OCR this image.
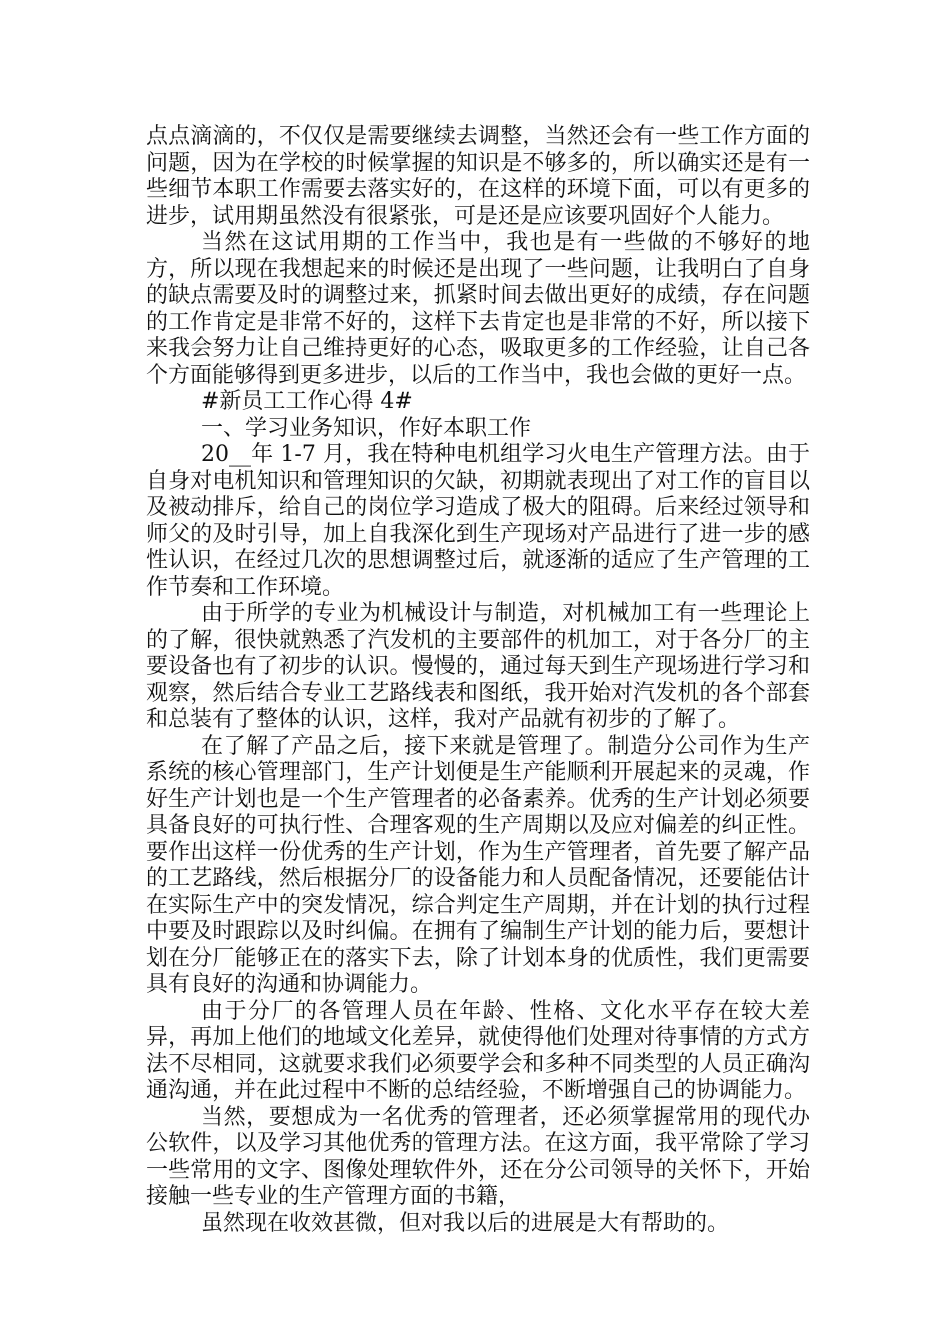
点点滴滴的，不仅仅是需要继续去调整，当然还会有一些工作方面的问题，因为在学校的时候掌握的知识是不够多的，所以确实还是有一些细节本职工作需要去落实好的，在这样的环境下面，可以有更多的进步，试用期虽然没有很紧张，可是还是应该要巩固好个人能力。

当然在这试用期的工作当中，我也是有一些做的不够好的地方，所以现在我想起来的时候还是出现了一些问题，让我明白了自身的缺点需要及时的调整过来，抓紧时间去做出更好的成绩，存在问题的工作肯定是非常不好的，这样下去肯定也是非常的不好，所以接下来我会努力让自己维持更好的心态，吸取更多的工作经验，让自己各个方面能够得到更多进步，以后的工作当中，我也会做的更好一点。

#新员工工作心得 4#

一、学习业务知识，作好本职工作

20__年 1-7 月，我在特种电机组学习火电生产管理方法。由于自身对电机知识和管理知识的欠缺，初期就表现出了对工作的盲目以及被动排斥，给自己的岗位学习造成了极大的阻碍。后来经过领导和师父的及时引导，加上自我深化到生产现场对产品进行了进一步的感性认识，在经过几次的思想调整过后，就逐渐的适应了生产管理的工作节奏和工作环境。

由于所学的专业为机械设计与制造，对机械加工有一些理论上的了解，很快就熟悉了汽发机的主要部件的机加工，对于各分厂的主要设备也有了初步的认识。慢慢的，通过每天到生产现场进行学习和观察，然后结合专业工艺路线表和图纸，我开始对汽发机的各个部套和总装有了整体的认识，这样，我对产品就有初步的了解了。

在了解了产品之后，接下来就是管理了。制造分公司作为生产系统的核心管理部门，生产计划便是生产能顺利开展起来的灵魂，作好生产计划也是一个生产管理者的必备素养。优秀的生产计划必须要具备良好的可执行性、合理客观的生产周期以及应对偏差的纠正性。要作出这样一份优秀的生产计划，作为生产管理者，首先要了解产品的工艺路线，然后根据分厂的设备能力和人员配备情况，还要能估计在实际生产中的突发情况，综合判定生产周期，并在计划的执行过程中要及时跟踪以及时纠偏。在拥有了编制生产计划的能力后，要想计划在分厂能够正在的落实下去，除了计划本身的优质性，我们更需要具有良好的沟通和协调能力。

由于分厂的各管理人员在年龄、性格、文化水平存在较大差异，再加上他们的地域文化差异，就使得他们处理对待事情的方式方法不尽相同，这就要求我们必须要学会和多种不同类型的人员正确沟通沟通，并在此过程中不断的总结经验，不断增强自己的协调能力。

当然，要想成为一名优秀的管理者，还必须掌握常用的现代办公软件，以及学习其他优秀的管理方法。在这方面，我平常除了学习一些常用的文字、图像处理软件外，还在分公司领导的关怀下，开始接触一些专业的生产管理方面的书籍，

虽然现在收效甚微，但对我以后的进展是大有帮助的。
